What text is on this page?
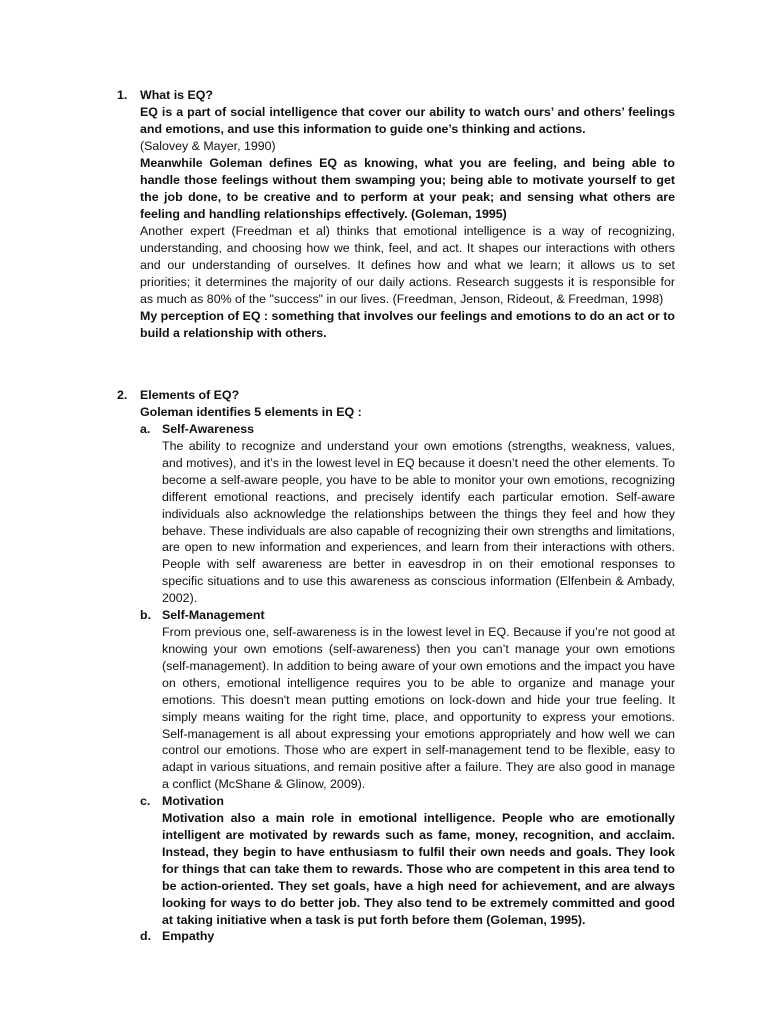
1. What is EQ?
EQ is a part of social intelligence that cover our ability to watch ours’ and others’ feelings and emotions, and use this information to guide one’s thinking and actions.
(Salovey & Mayer, 1990)
Meanwhile Goleman defines EQ as knowing, what you are feeling, and being able to handle those feelings without them swamping you; being able to motivate yourself to get the job done, to be creative and to perform at your peak; and sensing what others are feeling and handling relationships effectively. (Goleman, 1995)
Another expert (Freedman et al) thinks that emotional intelligence is a way of recognizing, understanding, and choosing how we think, feel, and act. It shapes our interactions with others and our understanding of ourselves. It defines how and what we learn; it allows us to set priorities; it determines the majority of our daily actions. Research suggests it is responsible for as much as 80% of the "success" in our lives. (Freedman, Jenson, Rideout, & Freedman, 1998)
My perception of EQ : something that involves our feelings and emotions to do an act or to build a relationship with others.
2. Elements of EQ?
Goleman identifies 5 elements in EQ :
a. Self-Awareness
The ability to recognize and understand your own emotions (strengths, weakness, values, and motives), and it’s in the lowest level in EQ because it doesn’t need the other elements. To become a self-aware people, you have to be able to monitor your own emotions, recognizing different emotional reactions, and precisely identify each particular emotion. Self-aware individuals also acknowledge the relationships between the things they feel and how they behave. These individuals are also capable of recognizing their own strengths and limitations, are open to new information and experiences, and learn from their interactions with others. People with self awareness are better in eavesdrop in on their emotional responses to specific situations and to use this awareness as conscious information (Elfenbein & Ambady, 2002).
b. Self-Management
From previous one, self-awareness is in the lowest level in EQ. Because if you’re not good at knowing your own emotions (self-awareness) then you can’t manage your own emotions (self-management). In addition to being aware of your own emotions and the impact you have on others, emotional intelligence requires you to be able to organize and manage your emotions. This doesn't mean putting emotions on lock-down and hide your true feeling. It simply means waiting for the right time, place, and opportunity to express your emotions. Self-management is all about expressing your emotions appropriately and how well we can control our emotions. Those who are expert in self-management tend to be flexible, easy to adapt in various situations, and remain positive after a failure. They are also good in manage a conflict (McShane & Glinow, 2009).
c. Motivation
Motivation also a main role in emotional intelligence. People who are emotionally intelligent are motivated by rewards such as fame, money, recognition, and acclaim. Instead, they begin to have enthusiasm to fulfil their own needs and goals. They look for things that can take them to rewards. Those who are competent in this area tend to be action-oriented. They set goals, have a high need for achievement, and are always looking for ways to do better job. They also tend to be extremely committed and good at taking initiative when a task is put forth before them (Goleman, 1995).
d. Empathy
